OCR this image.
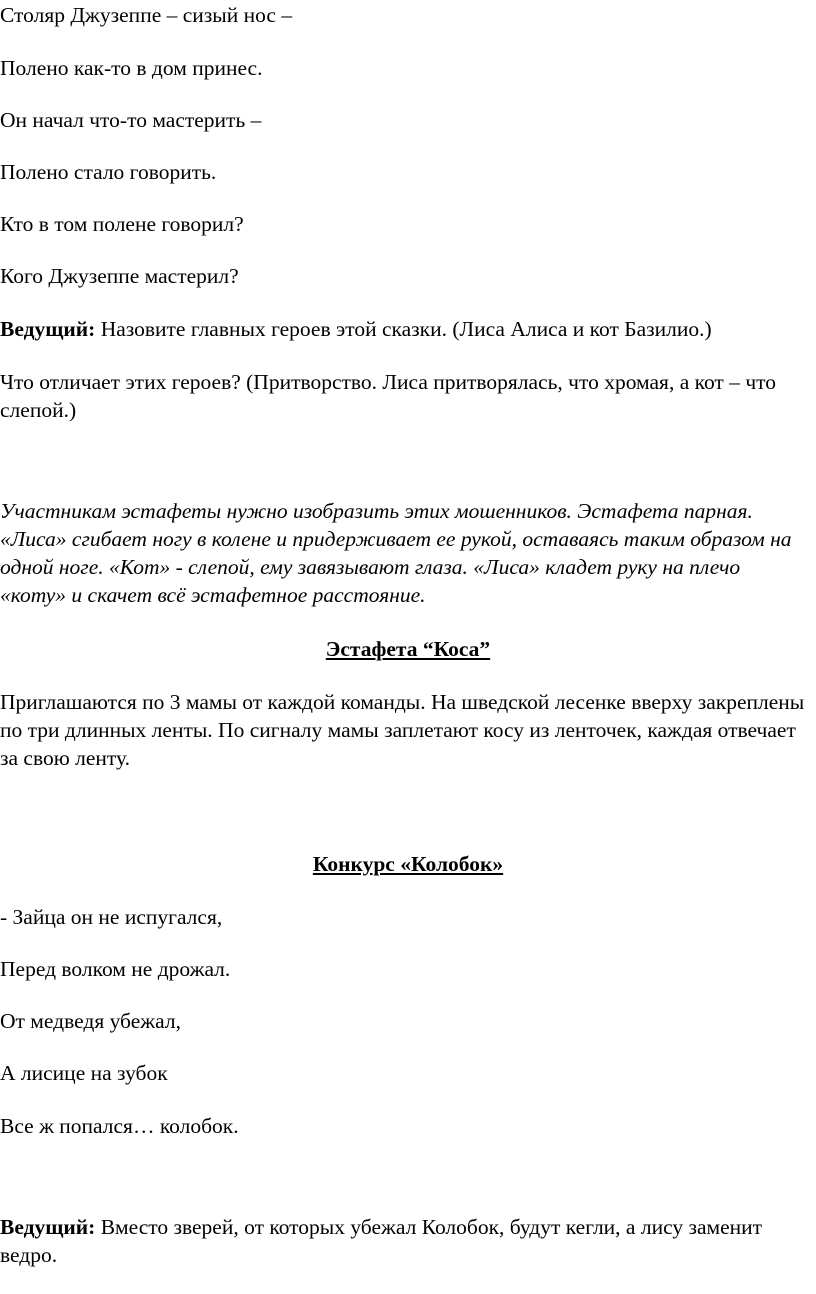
Столяр Джузеппе – сизый нос –

Полено как-то в дом принес.

Он начал что-то мастерить –

Полено стало говорить.

Кто в том полене говорил?

Кого Джузеппе мастерил?

Ведущий: Назовите главных героев этой сказки. (Лиса Алиса и кот Базилио.)

Что отличает этих героев? (Притворство. Лиса притворялась, что хромая, а кот – что слепой.)

Участникам эстафеты нужно изобразить этих мошенников. Эстафета парная. «Лиса» сгибает ногу в колене и придерживает ее рукой, оставаясь таким образом на одной ноге. «Кот» - слепой, ему завязывают глаза. «Лиса» кладет руку на плечо «коту» и скачет всё эстафетное расстояние.

Эстафета “Коса”

Приглашаются по 3 мамы от каждой команды. На шведской лесенке вверху закреплены по три длинных ленты. По сигналу мамы заплетают косу из ленточек, каждая отвечает за свою ленту.

Конкурс «Колобок»

- Зайца он не испугался,

Перед волком не дрожал.

От медведя убежал,

А лисице на зубок

Все ж попался… колобок.

Ведущий: Вместо зверей, от которых убежал Колобок, будут кегли, а лису заменит ведро.
